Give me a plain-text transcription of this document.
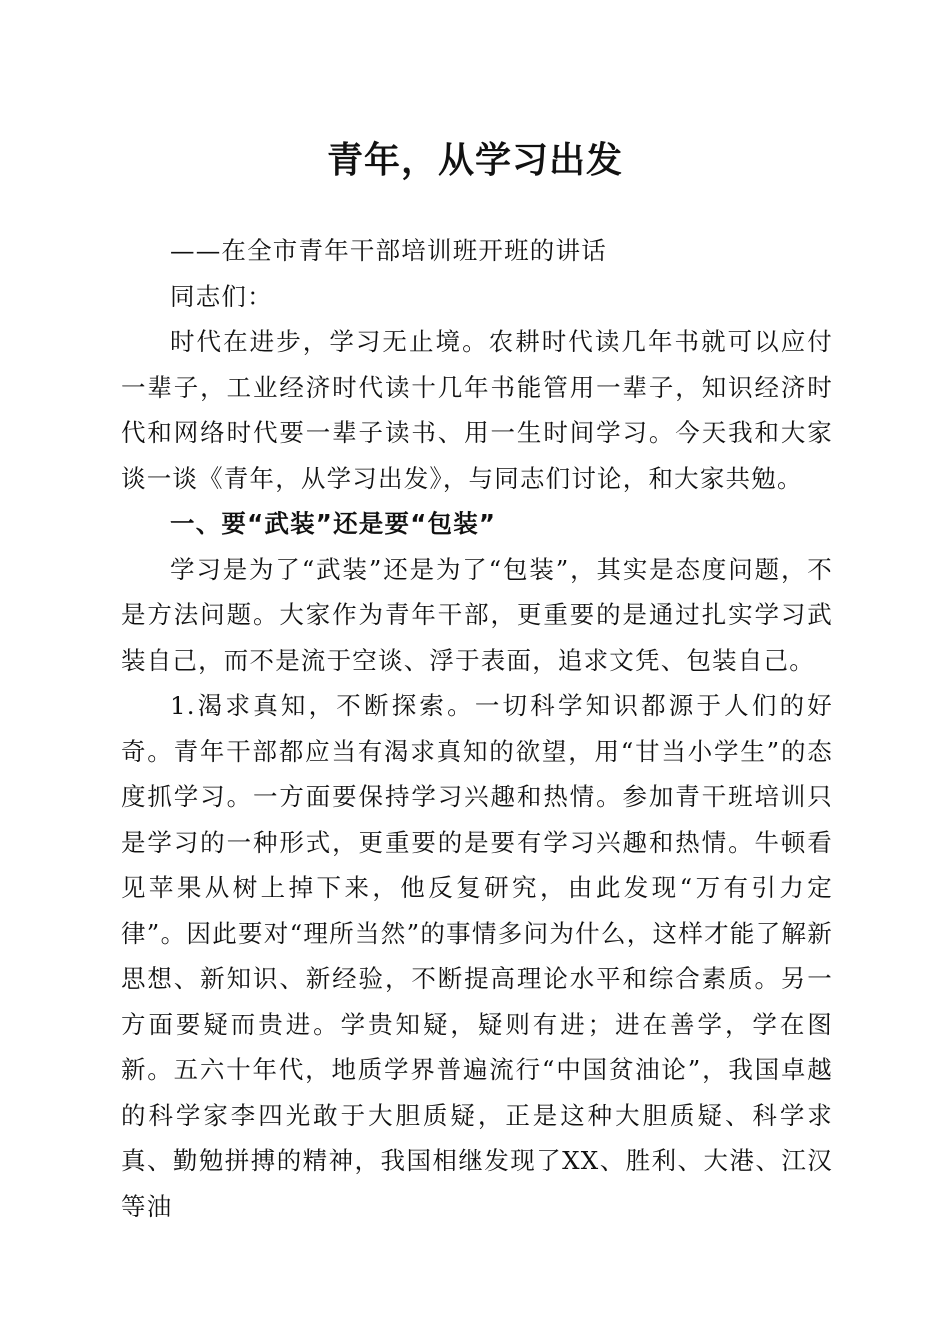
青年，从学习出发

——在全市青年干部培训班开班的讲话

同志们：

时代在进步，学习无止境。农耕时代读几年书就可以应付一辈子，工业经济时代读十几年书能管用一辈子，知识经济时代和网络时代要一辈子读书、用一生时间学习。今天我和大家谈一谈《青年，从学习出发》，与同志们讨论，和大家共勉。

一、要“武装”还是要“包装”

学习是为了“武装”还是为了“包装”，其实是态度问题，不是方法问题。大家作为青年干部，更重要的是通过扎实学习武装自己，而不是流于空谈、浮于表面，追求文凭、包装自己。

1.渴求真知，不断探索。一切科学知识都源于人们的好奇。青年干部都应当有渴求真知的欲望，用“甘当小学生”的态度抓学习。一方面要保持学习兴趣和热情。参加青干班培训只是学习的一种形式，更重要的是要有学习兴趣和热情。牛顿看见苹果从树上掉下来，他反复研究，由此发现“万有引力定律”。因此要对“理所当然”的事情多问为什么，这样才能了解新思想、新知识、新经验，不断提高理论水平和综合素质。另一方面要疑而贵进。学贵知疑，疑则有进；进在善学，学在图新。五六十年代，地质学界普遍流行“中国贫油论”，我国卓越的科学家李四光敢于大胆质疑，正是这种大胆质疑、科学求真、勤勉拼搏的精神，我国相继发现了XX、胜利、大港、江汉等油
